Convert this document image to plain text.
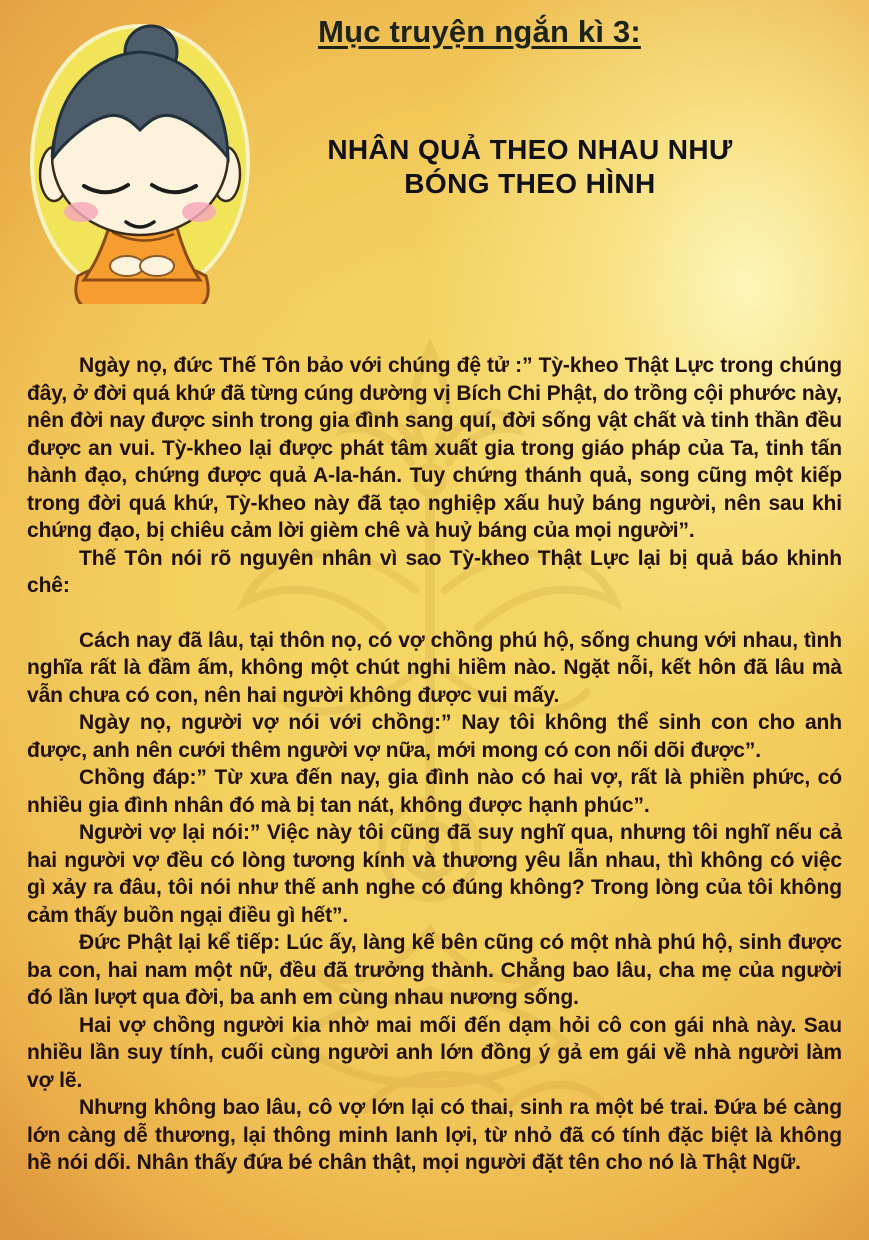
Mục truyện ngắn kì 3:
NHÂN QUẢ THEO NHAU NHƯ
BÓNG THEO HÌNH

Ngày nọ, đức Thế Tôn bảo với chúng đệ tử :” Tỳ-kheo Thật Lực trong chúng đây, ở đời quá khứ đã từng cúng dường vị Bích Chi Phật, do trồng cội phước này, nên đời nay được sinh trong gia đình sang quí, đời sống vật chất và tinh thần đều được an vui. Tỳ-kheo lại được phát tâm xuất gia trong giáo pháp của Ta, tinh tấn hành đạo, chứng được quả A-la-hán. Tuy chứng thánh quả, song cũng một kiếp trong đời quá khứ, Tỳ-kheo này đã tạo nghiệp xấu huỷ báng người, nên sau khi chứng đạo, bị chiêu cảm lời gièm chê và huỷ báng của mọi người”.

Thế Tôn nói rõ nguyên nhân vì sao Tỳ-kheo Thật Lực lại bị quả báo khinh chê:

Cách nay đã lâu, tại thôn nọ, có vợ chồng phú hộ, sống chung với nhau, tình nghĩa rất là đầm ấm, không một chút nghi hiềm nào. Ngặt nỗi, kết hôn đã lâu mà vẫn chưa có con, nên hai người không được vui mấy.

Ngày nọ, người vợ nói với chồng:” Nay tôi không thể sinh con cho anh được, anh nên cưới thêm người vợ nữa, mới mong có con nối dõi được”.

Chồng đáp:” Từ xưa đến nay, gia đình nào có hai vợ, rất là phiền phức, có nhiều gia đình nhân đó mà bị tan nát, không được hạnh phúc”.

Người vợ lại nói:” Việc này tôi cũng đã suy nghĩ qua, nhưng tôi nghĩ nếu cả hai người vợ đều có lòng tương kính và thương yêu lẫn nhau, thì không có việc gì xảy ra đâu, tôi nói như thế anh nghe có đúng không? Trong lòng của tôi không cảm thấy buồn ngại điều gì hết”.

Đức Phật lại kể tiếp: Lúc ấy, làng kế bên cũng có một nhà phú hộ, sinh được ba con, hai nam một nữ, đều đã trưởng thành. Chẳng bao lâu, cha mẹ của người đó lần lượt qua đời, ba anh em cùng nhau nương sống.

Hai vợ chồng người kia nhờ mai mối đến dạm hỏi cô con gái nhà này. Sau nhiều lần suy tính, cuối cùng người anh lớn đồng ý gả em gái về nhà người làm vợ lẽ.

Nhưng không bao lâu, cô vợ lớn lại có thai, sinh ra một bé trai. Đứa bé càng lớn càng dễ thương, lại thông minh lanh lợi, từ nhỏ đã có tính đặc biệt là không hề nói dối. Nhân thấy đứa bé chân thật, mọi người đặt tên cho nó là Thật Ngữ.
